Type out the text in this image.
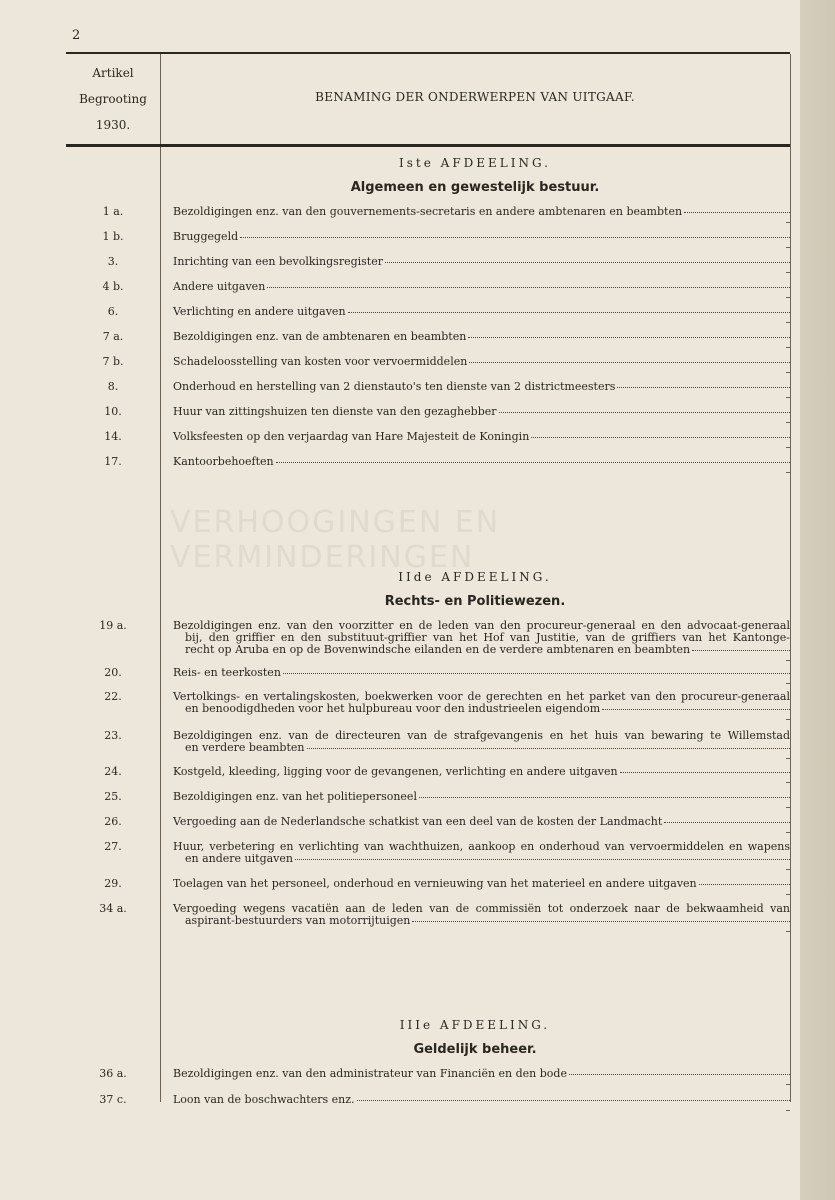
2
Artikel
Begrooting
1930.
BENAMING DER ONDERWERPEN VAN UITGAAF.
VERHOOGINGEN EN VERMINDERINGEN
Iste AFDEELING.
Algemeen en gewestelijk bestuur.
1 a.	Bezoldigingen enz. van den gouvernements-secretaris en andere ambtenaren en beambten
1 b.	Bruggegeld
3.	Inrichting van een bevolkingsregister
4 b.	Andere uitgaven
6.	Verlichting en andere uitgaven
7 a.	Bezoldigingen enz. van de ambtenaren en beambten
7 b.	Schadeloosstelling van kosten voor vervoermiddelen
8.	Onderhoud en herstelling van 2 dienstauto's ten dienste van 2 districtmeesters
10.	Huur van zittingshuizen ten dienste van den gezaghebber
14.	Volksfeesten op den verjaardag van Hare Majesteit de Koningin
17.	Kantoorbehoeften
IIde AFDEELING.
Rechts- en Politiewezen.
19 a.	Bezoldigingen enz. van den voorzitter en de leden van den procureur-generaal en den advocaat-generaal
bij, den griffier en den substituut-griffier van het Hof van Justitie, van de griffiers van het Kantonge-
recht op Aruba en op de Bovenwindsche eilanden en de verdere ambtenaren en beambten
20.	Reis- en teerkosten
22.	Vertolkings- en vertalingskosten, boekwerken voor de gerechten en het parket van den procureur-generaal
en benoodigdheden voor het hulpbureau voor den industrieelen eigendom
23.	Bezoldigingen enz. van de directeuren van de strafgevangenis en het huis van bewaring te Willemstad
en verdere beambten
24.	Kostgeld, kleeding, ligging voor de gevangenen, verlichting en andere uitgaven
25.	Bezoldigingen enz. van het politiepersoneel
26.	Vergoeding aan de Nederlandsche schatkist van een deel van de kosten der Landmacht
27.	Huur, verbetering en verlichting van wachthuizen, aankoop en onderhoud van vervoermiddelen en wapens
en andere uitgaven
29.	Toelagen van het personeel, onderhoud en vernieuwing van het materieel en andere uitgaven
34 a.	Vergoeding wegens vacatiën aan de leden van de commissiën tot onderzoek naar de bekwaamheid van
aspirant-bestuurders van motorrijtuigen
IIIe AFDEELING.
Geldelijk beheer.
36 a.	Bezoldigingen enz. van den administrateur van Financiën en den bode
37 c.	Loon van de boschwachters enz.
